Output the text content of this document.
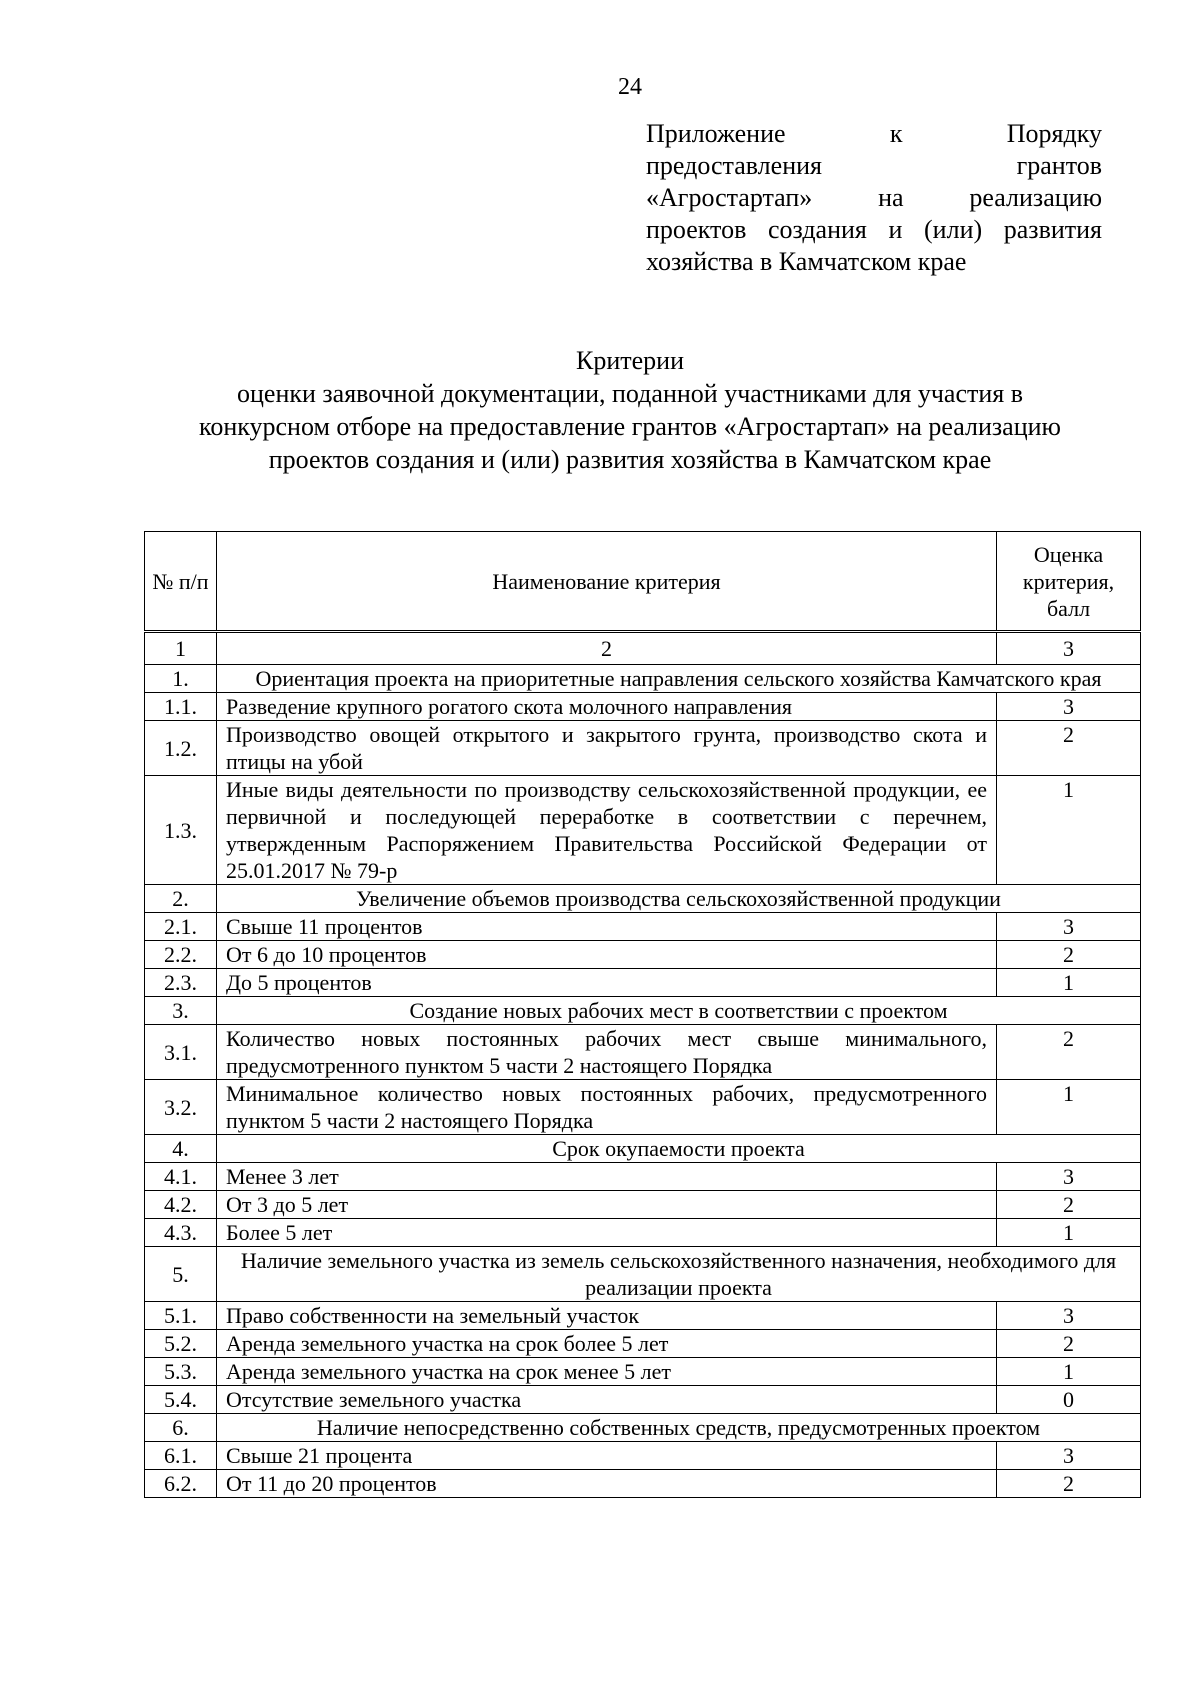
24
Приложение к Порядку
предоставления грантов
«Агростартап» на реализацию
проектов создания и (или) развития
хозяйства в Камчатском крае
Критерии
оценки заявочной документации, поданной участниками для участия в
конкурсном отборе на предоставление грантов «Агростартап» на реализацию
проектов создания и (или) развития хозяйства в Камчатском крае
№ п/п	Наименование критерия	Оценка критерия, балл
1	2	3
1.	Ориентация проекта на приоритетные направления сельского хозяйства Камчатского края	
1.1.	Разведение крупного рогатого скота молочного направления	3
1.2.	Производство овощей открытого и закрытого грунта, производство скота и птицы на убой	2
1.3.	Иные виды деятельности по производству сельскохозяйственной продукции, ее первичной и последующей переработке в соответствии с перечнем, утвержденным Распоряжением Правительства Российской Федерации от 25.01.2017 № 79-р	1
2.	Увеличение объемов производства сельскохозяйственной продукции	
2.1.	Свыше 11 процентов	3
2.2.	От 6 до 10 процентов	2
2.3.	До 5 процентов	1
3.	Создание новых рабочих мест в соответствии с проектом	
3.1.	Количество новых постоянных рабочих мест свыше минимального, предусмотренного пунктом 5 части 2 настоящего Порядка	2
3.2.	Минимальное количество новых постоянных рабочих, предусмотренного пунктом 5 части 2 настоящего Порядка	1
4.	Срок окупаемости проекта	
4.1.	Менее 3 лет	3
4.2.	От 3 до 5 лет	2
4.3.	Более 5 лет	1
5.	Наличие земельного участка из земель сельскохозяйственного назначения, необходимого для реализации проекта	
5.1.	Право собственности на земельный участок	3
5.2.	Аренда земельного участка на срок более 5 лет	2
5.3.	Аренда земельного участка на срок менее 5 лет	1
5.4.	Отсутствие земельного участка	0
6.	Наличие непосредственно собственных средств, предусмотренных проектом	
6.1.	Свыше 21 процента	3
6.2.	От 11 до 20 процентов	2
